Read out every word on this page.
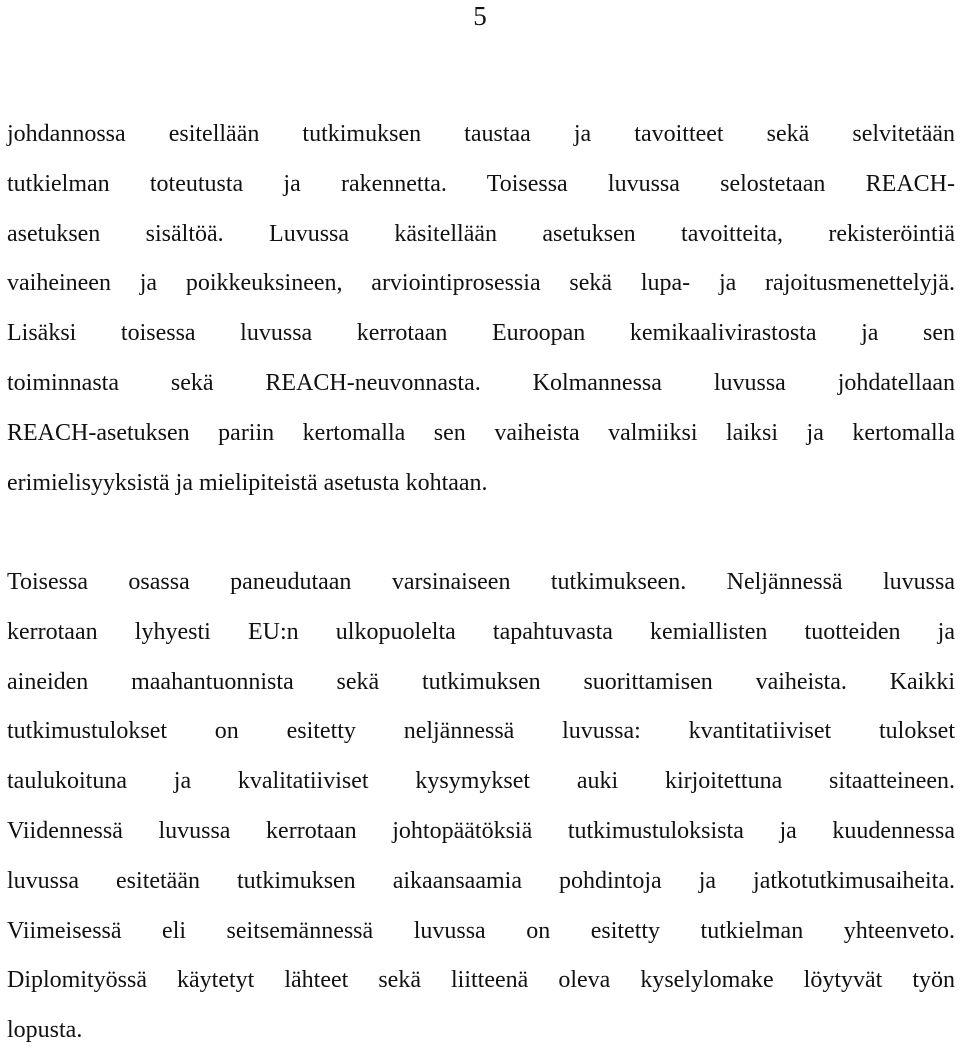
5
johdannossa esitellään tutkimuksen taustaa ja tavoitteet sekä selvitetään
tutkielman toteutusta ja rakennetta. Toisessa luvussa selostetaan REACH-
asetuksen sisältöä. Luvussa käsitellään asetuksen tavoitteita, rekisteröintiä
vaiheineen ja poikkeuksineen, arviointiprosessia sekä lupa- ja rajoitusmenettelyjä.
Lisäksi toisessa luvussa kerrotaan Euroopan kemikaalivirastosta ja sen
toiminnasta sekä REACH-neuvonnasta. Kolmannessa luvussa johdatellaan
REACH-asetuksen pariin kertomalla sen vaiheista valmiiksi laiksi ja kertomalla
erimielisyyksistä ja mielipiteistä asetusta kohtaan.
Toisessa osassa paneudutaan varsinaiseen tutkimukseen. Neljännessä luvussa
kerrotaan lyhyesti EU:n ulkopuolelta tapahtuvasta kemiallisten tuotteiden ja
aineiden maahantuonnista sekä tutkimuksen suorittamisen vaiheista. Kaikki
tutkimustulokset on esitetty neljännessä luvussa: kvantitatiiviset tulokset
taulukoituna ja kvalitatiiviset kysymykset auki kirjoitettuna sitaatteineen.
Viidennessä luvussa kerrotaan johtopäätöksiä tutkimustuloksista ja kuudennessa
luvussa esitetään tutkimuksen aikaansaamia pohdintoja ja jatkotutkimusaiheita.
Viimeisessä eli seitsemännessä luvussa on esitetty tutkielman yhteenveto.
Diplomityössä käytetyt lähteet sekä liitteenä oleva kyselylomake löytyvät työn
lopusta.
